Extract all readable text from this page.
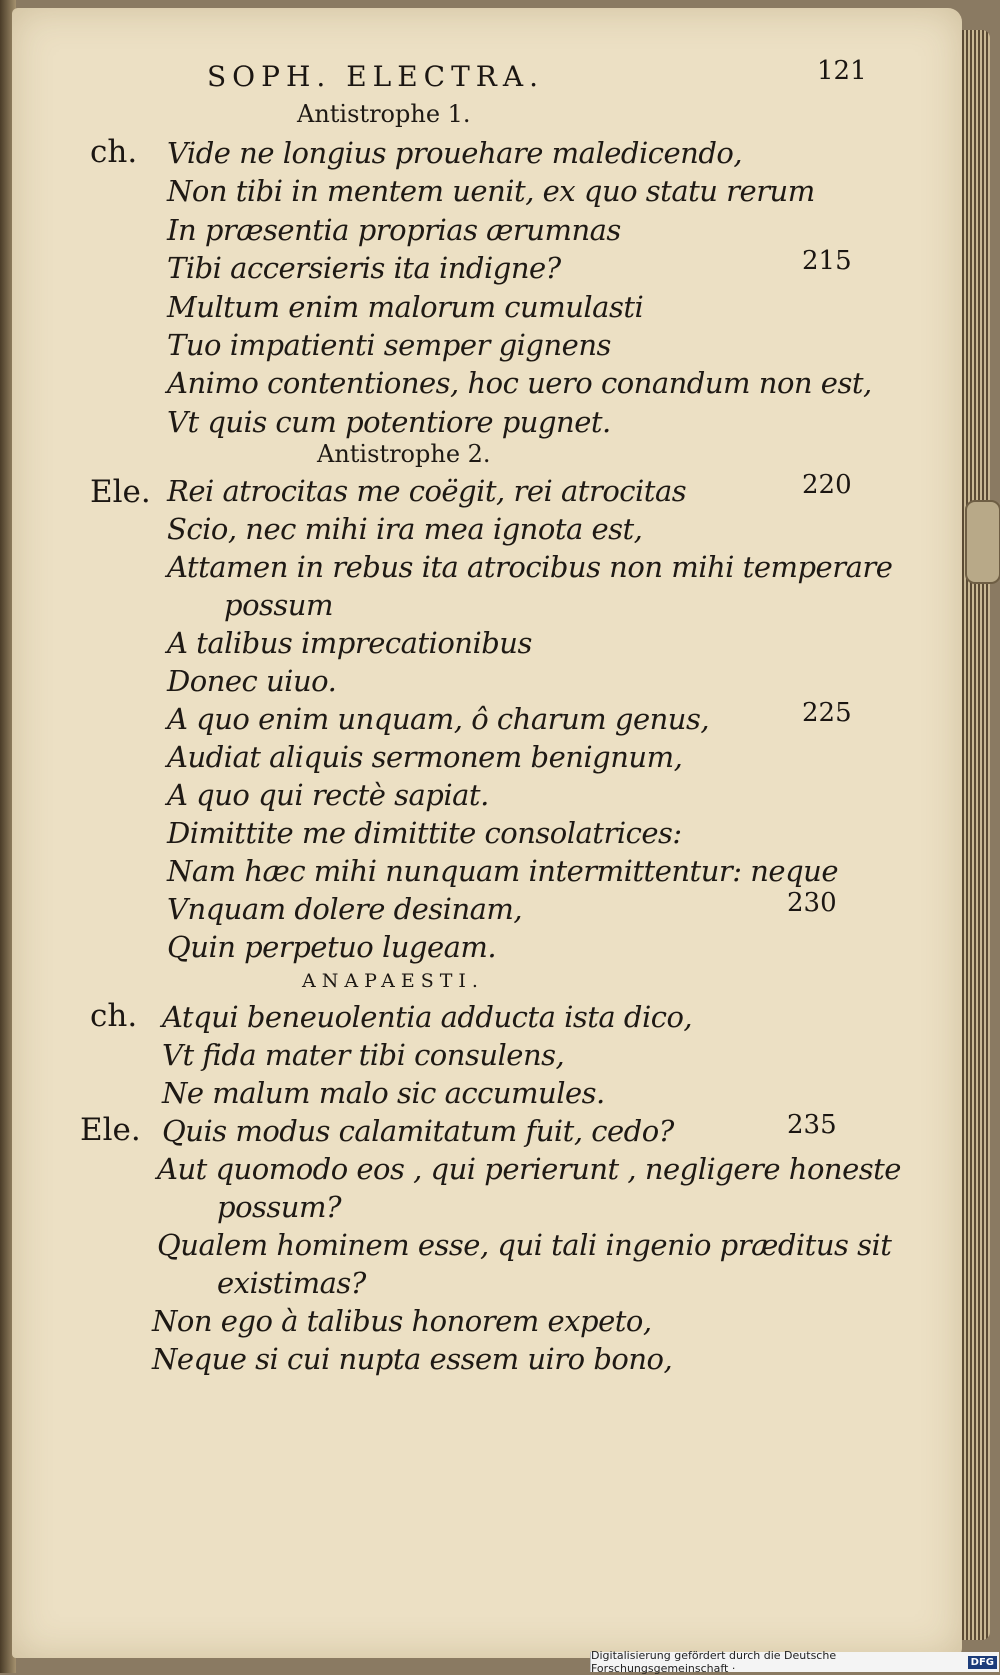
SOPH. ELECTRA.	121
Antistrophe 1.
ch. Vide ne longius prouehare maledicendo,
Non tibi in mentem uenit, ex quo statu rerum
In præsentia proprias ærumnas
Tibi accersieris ita indigne?	215
Multum enim malorum cumulasti
Tuo impatienti semper gignens
Animo contentiones, hoc uero conandum non est,
Vt quis cum potentiore pugnet.
Antistrophe 2.
Ele. Rei atrocitas me coëgit, rei atrocitas	220
Scio, nec mihi ira mea ignota est,
Attamen in rebus ita atrocibus non mihi temperare
possum
A talibus imprecationibus
Donec uiuo.
A quo enim unquam, ô charum genus,	225
Audiat aliquis sermonem benignum,
A quo qui rectè sapiat.
Dimittite me dimittite consolatrices:
Nam hæc mihi nunquam intermittentur: neque
Vnquam dolere desinam,	230
Quin perpetuo lugeam.
ANAPAESTI.
ch. Atqui beneuolentia adducta ista dico,
Vt fida mater tibi consulens,
Ne malum malo sic accumules.
Ele. Quis modus calamitatum fuit, cedo?	235
Aut quomodo eos , qui perierunt , negligere honeste
possum?
Qualem hominem esse, qui tali ingenio præditus sit
existimas?
Non ego à talibus honorem expeto,
Neque si cui nupta essem uiro bono,
Digitalisierung gefördert durch die Deutsche Forschungsgemeinschaft ·	DFG
